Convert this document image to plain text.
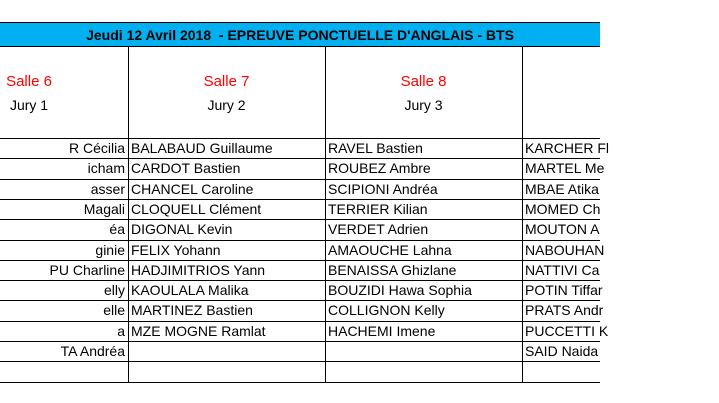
Jeudi 12 Avril 2018  - EPREUVE PONCTUELLE D'ANGLAIS - BTS
Salle 6
Jury 1
R Cécilia
icham
asser
Magali
éa
ginie
PU Charline
elly
elle
a
TA Andréa
Salle 7
Jury 2
BALABAUD Guillaume
CARDOT Bastien
CHANCEL Caroline
CLOQUELL Clément
DIGONAL Kevin
FELIX Yohann
HADJIMITRIOS Yann
KAOULALA Malika
MARTINEZ Bastien
MZE MOGNE Ramlat
Salle 8
Jury 3
RAVEL Bastien
ROUBEZ Ambre
SCIPIONI Andréa
TERRIER Kilian
VERDET Adrien
AMAOUCHE Lahna
BENAISSA Ghizlane
BOUZIDI Hawa Sophia
COLLIGNON Kelly
HACHEMI Imene
KARCHER Fl
MARTEL Me
MBAE Atika
MOMED Ch
MOUTON A
NABOUHAN
NATTIVI Ca
POTIN Tiffar
PRATS Andr
PUCCETTI K
SAID Naida
